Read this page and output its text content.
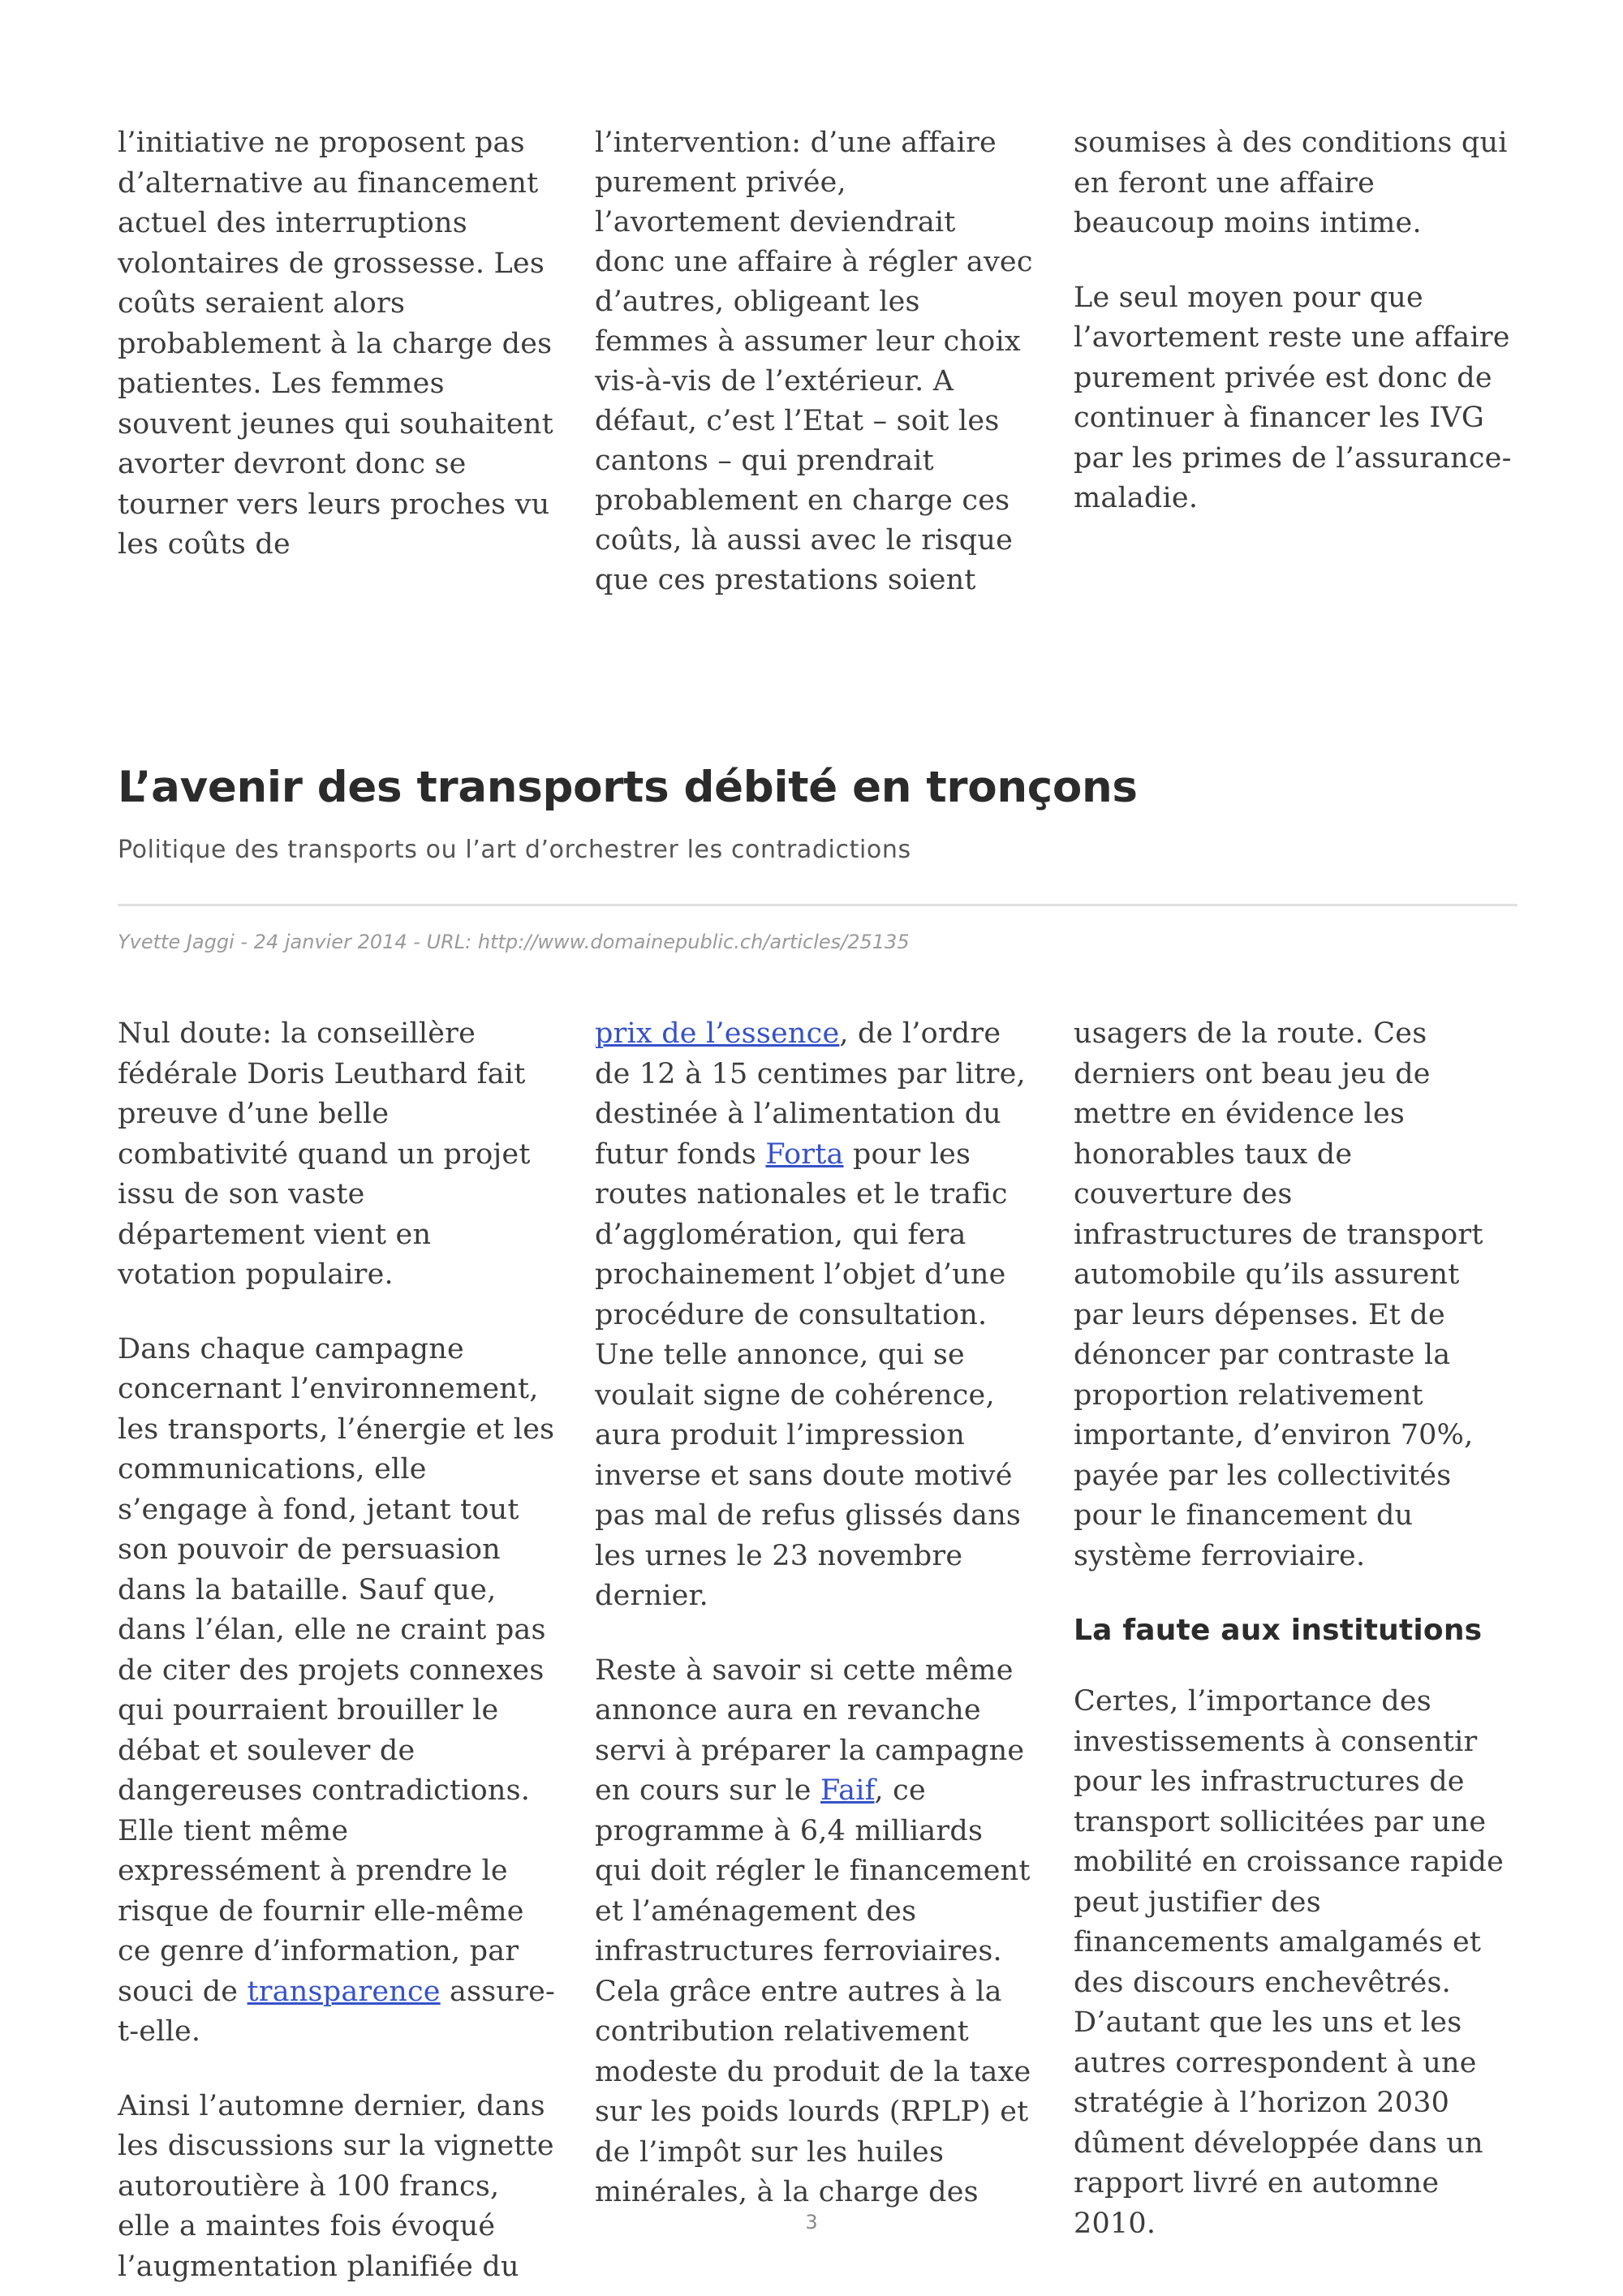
l’initiative ne proposent pas d’alternative au financement actuel des interruptions volontaires de grossesse. Les coûts seraient alors probablement à la charge des patientes. Les femmes souvent jeunes qui souhaitent avorter devront donc se tourner vers leurs proches vu les coûts de

l’intervention: d’une affaire purement privée, l’avortement deviendrait donc une affaire à régler avec d’autres, obligeant les femmes à assumer leur choix vis-à-vis de l’extérieur. A défaut, c’est l’Etat – soit les cantons – qui prendrait probablement en charge ces coûts, là aussi avec le risque que ces prestations soient

soumises à des conditions qui en feront une affaire beaucoup moins intime.

Le seul moyen pour que l’avortement reste une affaire purement privée est donc de continuer à financer les IVG par les primes de l’assurance-maladie.

L’avenir des transports débité en tronçons

Politique des transports ou l’art d’orchestrer les contradictions

Yvette Jaggi - 24 janvier 2014 - URL: http://www.domainepublic.ch/articles/25135

Nul doute: la conseillère fédérale Doris Leuthard fait preuve d’une belle combativité quand un projet issu de son vaste département vient en votation populaire.

Dans chaque campagne concernant l’environnement, les transports, l’énergie et les communications, elle s’engage à fond, jetant tout son pouvoir de persuasion dans la bataille. Sauf que, dans l’élan, elle ne craint pas de citer des projets connexes qui pourraient brouiller le débat et soulever de dangereuses contradictions. Elle tient même expressément à prendre le risque de fournir elle-même ce genre d’information, par souci de transparence assure-t-elle.

Ainsi l’automne dernier, dans les discussions sur la vignette autoroutière à 100 francs, elle a maintes fois évoqué l’augmentation planifiée du

prix de l’essence, de l’ordre de 12 à 15 centimes par litre, destinée à l’alimentation du futur fonds Forta pour les routes nationales et le trafic d’agglomération, qui fera prochainement l’objet d’une procédure de consultation. Une telle annonce, qui se voulait signe de cohérence, aura produit l’impression inverse et sans doute motivé pas mal de refus glissés dans les urnes le 23 novembre dernier.

Reste à savoir si cette même annonce aura en revanche servi à préparer la campagne en cours sur le Faif, ce programme à 6,4 milliards qui doit régler le financement et l’aménagement des infrastructures ferroviaires. Cela grâce entre autres à la contribution relativement modeste du produit de la taxe sur les poids lourds (RPLP) et de l’impôt sur les huiles minérales, à la charge des

usagers de la route. Ces derniers ont beau jeu de mettre en évidence les honorables taux de couverture des infrastructures de transport automobile qu’ils assurent par leurs dépenses. Et de dénoncer par contraste la proportion relativement importante, d’environ 70%, payée par les collectivités pour le financement du système ferroviaire.

La faute aux institutions

Certes, l’importance des investissements à consentir pour les infrastructures de transport sollicitées par une mobilité en croissance rapide peut justifier des financements amalgamés et des discours enchevêtrés. D’autant que les uns et les autres correspondent à une stratégie à l’horizon 2030 dûment développée dans un rapport livré en automne 2010.

3
